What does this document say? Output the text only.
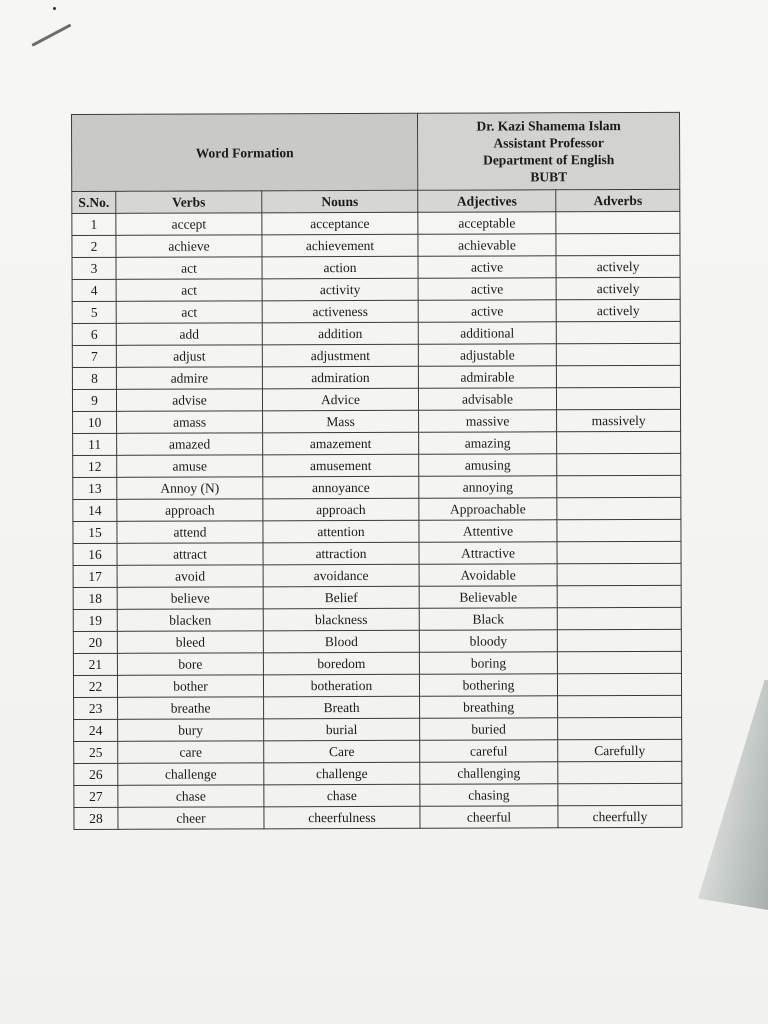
Word Formation			Dr. Kazi Shamema Islam
Assistant Professor
Department of English
BUBT	

S.No.	Verbs	Nouns	Adjectives	Adverbs
1	accept	acceptance	acceptable	
2	achieve	achievement	achievable	
3	act	action	active	actively
4	act	activity	active	actively
5	act	activeness	active	actively
6	add	addition	additional	
7	adjust	adjustment	adjustable	
8	admire	admiration	admirable	
9	advise	Advice	advisable	
10	amass	Mass	massive	massively
11	amazed	amazement	amazing	
12	amuse	amusement	amusing	
13	Annoy (N)	annoyance	annoying	
14	approach	approach	Approachable	
15	attend	attention	Attentive	
16	attract	attraction	Attractive	
17	avoid	avoidance	Avoidable	
18	believe	Belief	Believable	
19	blacken	blackness	Black	
20	bleed	Blood	bloody	
21	bore	boredom	boring	
22	bother	botheration	bothering	
23	breathe	Breath	breathing	
24	bury	burial	buried	
25	care	Care	careful	Carefully
26	challenge	challenge	challenging	
27	chase	chase	chasing	
28	cheer	cheerfulness	cheerful	cheerfully
